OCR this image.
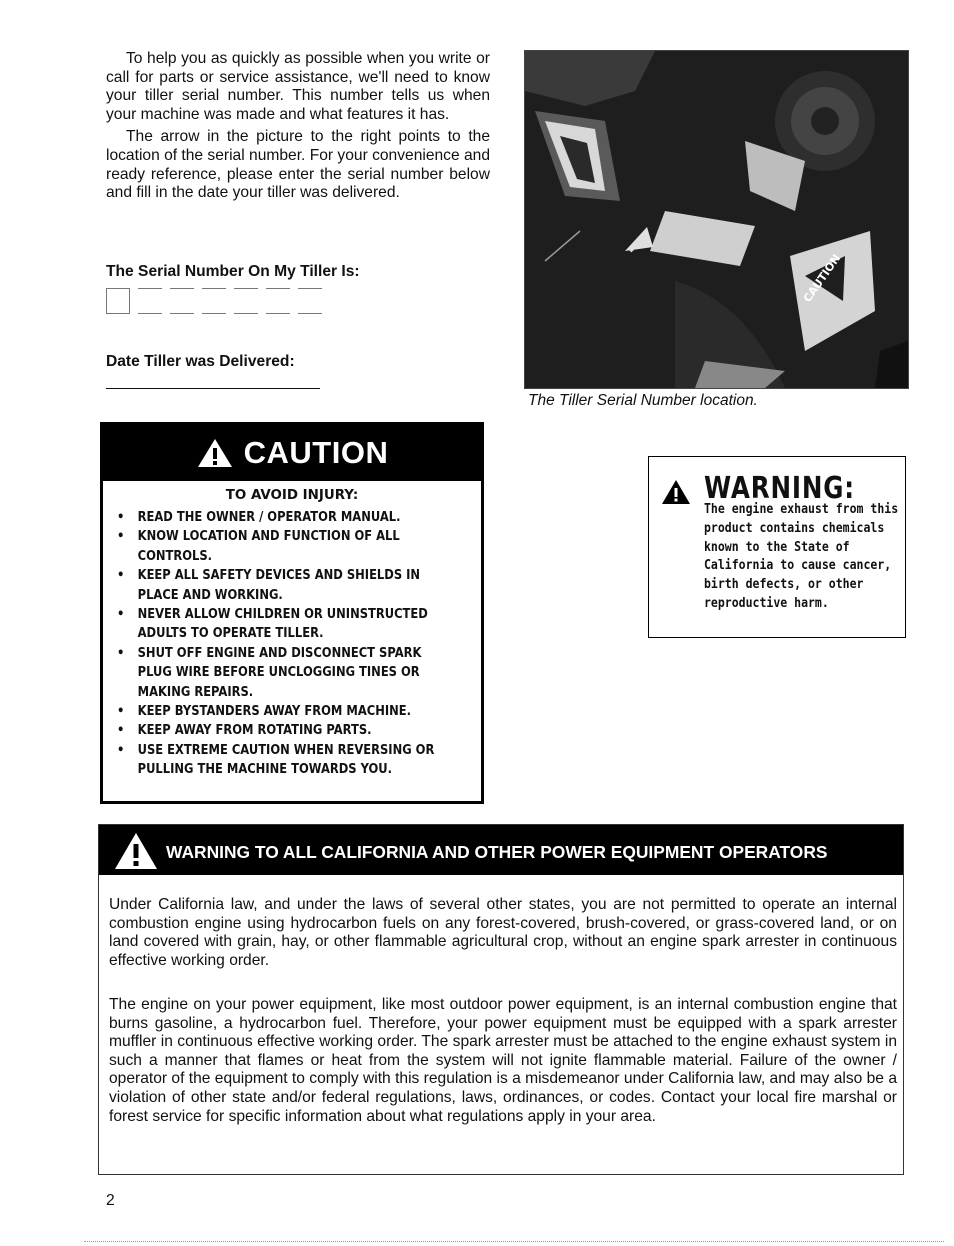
To help you as quickly as possible when you write or call for parts or service assistance, we'll need to know your tiller serial number. This number tells us when your machine was made and what features it has.

The arrow in the picture to the right points to the location of the serial number. For your convenience and ready reference, please enter the serial number below and fill in the date your tiller was delivered.

The Serial Number On My Tiller Is:
Date Tiller was Delivered:
CAUTION
The Tiller Serial Number location.
CAUTION
TO AVOID INJURY:
• READ THE OWNER / OPERATOR MANUAL.
• KNOW LOCATION AND FUNCTION OF ALL CONTROLS.
• KEEP ALL SAFETY DEVICES AND SHIELDS IN PLACE AND WORKING.
• NEVER ALLOW CHILDREN OR UNINSTRUCTED ADULTS TO OPERATE TILLER.
• SHUT OFF ENGINE AND DISCONNECT SPARK PLUG WIRE BEFORE UNCLOGGING TINES OR MAKING REPAIRS.
• KEEP BYSTANDERS AWAY FROM MACHINE.
• KEEP AWAY FROM ROTATING PARTS.
• USE EXTREME CAUTION WHEN REVERSING OR PULLING THE MACHINE TOWARDS YOU.
WARNING:
The engine exhaust from this product contains chemicals known to the State of California to cause cancer, birth defects, or other reproductive harm.
WARNING TO ALL CALIFORNIA AND OTHER POWER EQUIPMENT OPERATORS

Under California law, and under the laws of several other states, you are not permitted to operate an internal combustion engine using hydrocarbon fuels on any forest-covered, brush-covered, or grass-covered land, or on land covered with grain, hay, or other flammable agricultural crop, without an engine spark arrester in continuous effective working order.

The engine on your power equipment, like most outdoor power equipment, is an internal combustion engine that burns gasoline, a hydrocarbon fuel. Therefore, your power equipment must be equipped with a spark arrester muffler in continuous effective working order. The spark arrester must be attached to the engine exhaust system in such a manner that flames or heat from the system will not ignite flammable material. Failure of the owner / operator of the equipment to comply with this regulation is a misdemeanor under California law, and may also be a violation of other state and/or federal regulations, laws, ordinances, or codes. Contact your local fire marshal or forest service for specific information about what regulations apply in your area.

2
